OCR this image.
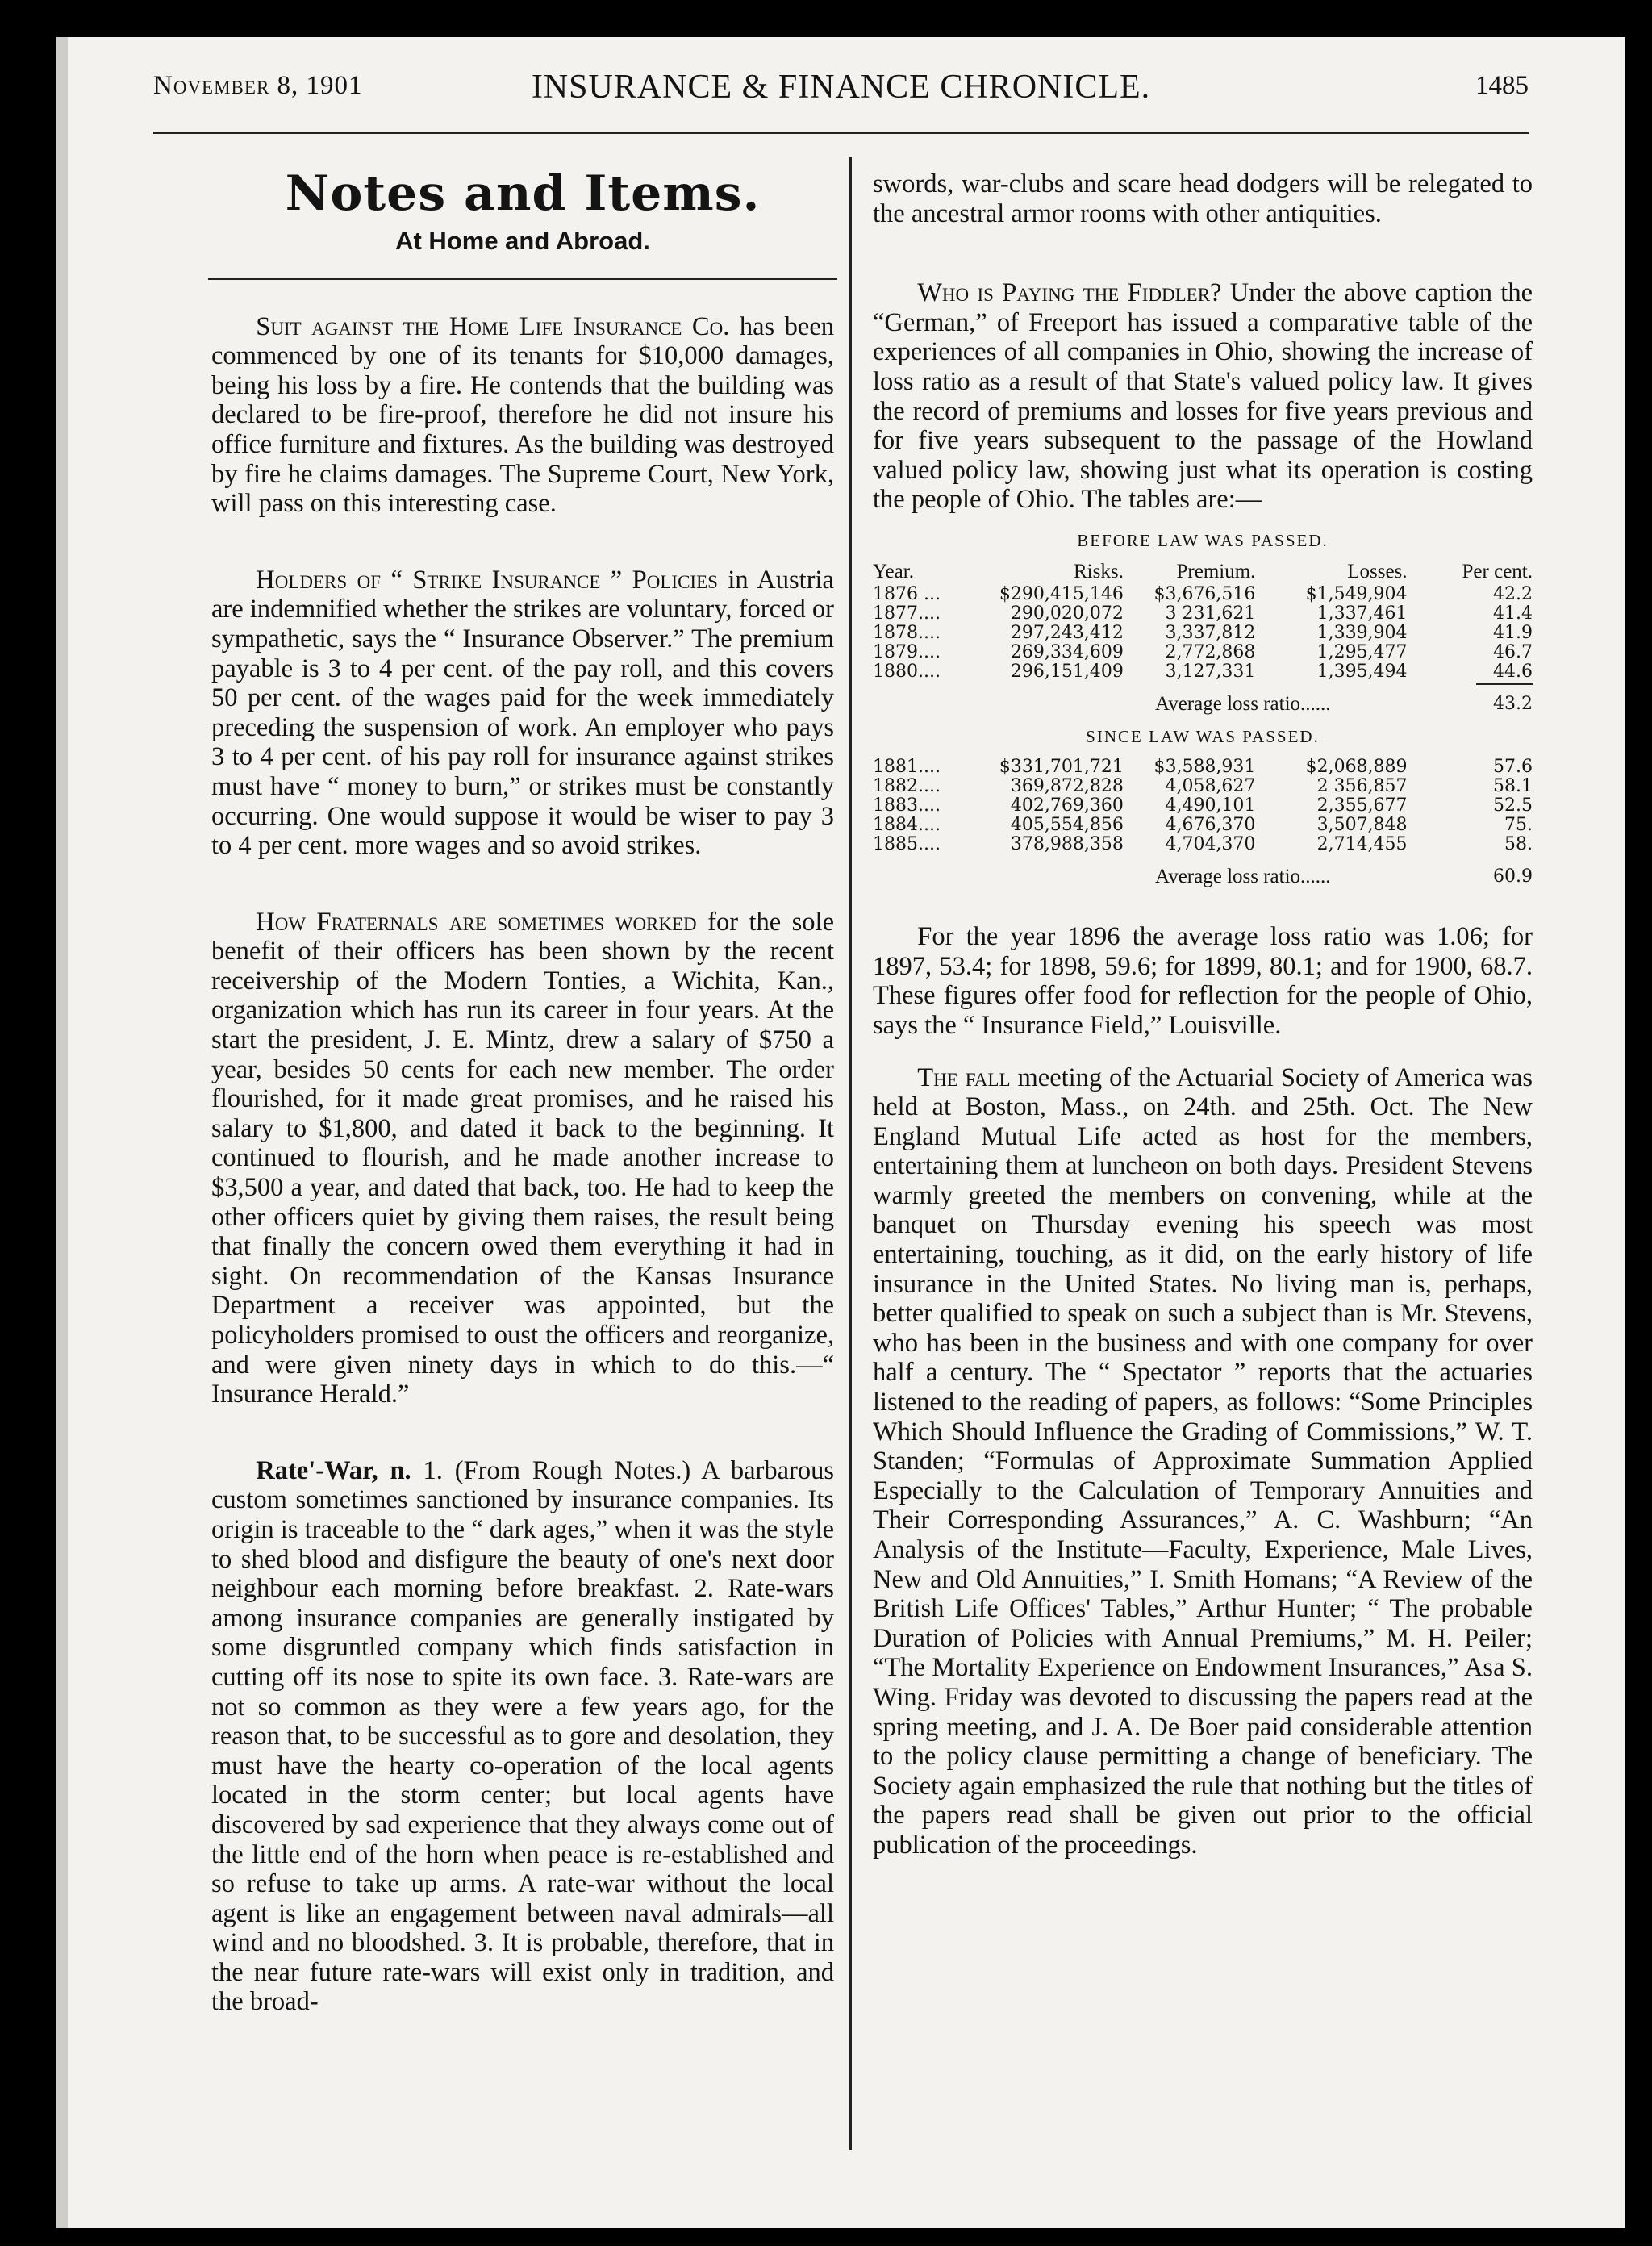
November 8, 1901	INSURANCE & FINANCE CHRONICLE.	1485
Notes and Items.
At Home and Abroad.

Suit against the Home Life Insurance Co. has been commenced by one of its tenants for $10,000 damages, being his loss by a fire. He contends that the building was declared to be fire-proof, therefore he did not insure his office furniture and fixtures. As the building was destroyed by fire he claims damages. The Supreme Court, New York, will pass on this interesting case.

Holders of “ Strike Insurance ” Policies in Austria are indemnified whether the strikes are voluntary, forced or sympathetic, says the “ Insurance Observer.” The premium payable is 3 to 4 per cent. of the pay roll, and this covers 50 per cent. of the wages paid for the week immediately preceding the suspension of work. An employer who pays 3 to 4 per cent. of his pay roll for insurance against strikes must have “ money to burn,” or strikes must be constantly occurring. One would suppose it would be wiser to pay 3 to 4 per cent. more wages and so avoid strikes.

How Fraternals are sometimes worked for the sole benefit of their officers has been shown by the recent receivership of the Modern Tonties, a Wichita, Kan., organization which has run its career in four years. At the start the president, J. E. Mintz, drew a salary of $750 a year, besides 50 cents for each new member. The order flourished, for it made great promises, and he raised his salary to $1,800, and dated it back to the beginning. It continued to flourish, and he made another increase to $3,500 a year, and dated that back, too. He had to keep the other officers quiet by giving them raises, the result being that finally the concern owed them everything it had in sight. On recommendation of the Kansas Insurance Department a receiver was appointed, but the policyholders promised to oust the officers and reorganize, and were given ninety days in which to do this.—“ Insurance Herald.”

Rate'-War, n. 1. (From Rough Notes.) A barbarous custom sometimes sanctioned by insurance companies. Its origin is traceable to the “ dark ages,” when it was the style to shed blood and disfigure the beauty of one's next door neighbour each morning before breakfast. 2. Rate-wars among insurance companies are generally instigated by some disgruntled company which finds satisfaction in cutting off its nose to spite its own face. 3. Rate-wars are not so common as they were a few years ago, for the reason that, to be successful as to gore and desolation, they must have the hearty co-operation of the local agents located in the storm center; but local agents have discovered by sad experience that they always come out of the little end of the horn when peace is re-established and so refuse to take up arms. A rate-war without the local agent is like an engagement between naval admirals—all wind and no bloodshed. 3. It is probable, therefore, that in the near future rate-wars will exist only in tradition, and the broad-

swords, war-clubs and scare head dodgers will be relegated to the ancestral armor rooms with other antiquities.

Who is Paying the Fiddler? Under the above caption the “German,” of Freeport has issued a comparative table of the experiences of all companies in Ohio, showing the increase of loss ratio as a result of that State's valued policy law. It gives the record of premiums and losses for five years previous and for five years subsequent to the passage of the Howland valued policy law, showing just what its operation is costing the people of Ohio. The tables are:—

BEFORE LAW WAS PASSED.
Year.	Risks.	Premium.	Losses.	Per cent.
1876 ...	$290,415,146	$3,676,516	$1,549,904	42.2
1877....	290,020,072	3 231,621	1,337,461	41.4
1878....	297,243,412	3,337,812	1,339,904	41.9
1879....	269,334,609	2,772,868	1,295,477	46.7
1880....	296,151,409	3,127,331	1,395,494	44.6
Average loss ratio......	43.2
SINCE LAW WAS PASSED.
1881....	$331,701,721	$3,588,931	$2,068,889	57.6
1882....	369,872,828	4,058,627	2 356,857	58.1
1883....	402,769,360	4,490,101	2,355,677	52.5
1884....	405,554,856	4,676,370	3,507,848	75.
1885....	378,988,358	4,704,370	2,714,455	58.
Average loss ratio......	60.9

For the year 1896 the average loss ratio was 1.06; for 1897, 53.4; for 1898, 59.6; for 1899, 80.1; and for 1900, 68.7. These figures offer food for reflection for the people of Ohio, says the “ Insurance Field,” Louisville.

The fall meeting of the Actuarial Society of America was held at Boston, Mass., on 24th. and 25th. Oct. The New England Mutual Life acted as host for the members, entertaining them at luncheon on both days. President Stevens warmly greeted the members on convening, while at the banquet on Thursday evening his speech was most entertaining, touching, as it did, on the early history of life insurance in the United States. No living man is, perhaps, better qualified to speak on such a subject than is Mr. Stevens, who has been in the business and with one company for over half a century. The “ Spectator ” reports that the actuaries listened to the reading of papers, as follows: “Some Principles Which Should Influence the Grading of Commissions,” W. T. Standen; “Formulas of Approximate Summation Applied Especially to the Calculation of Temporary Annuities and Their Corresponding Assurances,” A. C. Washburn; “An Analysis of the Institute—Faculty, Experience, Male Lives, New and Old Annuities,” I. Smith Homans; “A Review of the British Life Offices' Tables,” Arthur Hunter; “ The probable Duration of Policies with Annual Premiums,” M. H. Peiler; “The Mortality Experience on Endowment Insurances,” Asa S. Wing. Friday was devoted to discussing the papers read at the spring meeting, and J. A. De Boer paid considerable attention to the policy clause permitting a change of beneficiary. The Society again emphasized the rule that nothing but the titles of the papers read shall be given out prior to the official publication of the proceedings.
